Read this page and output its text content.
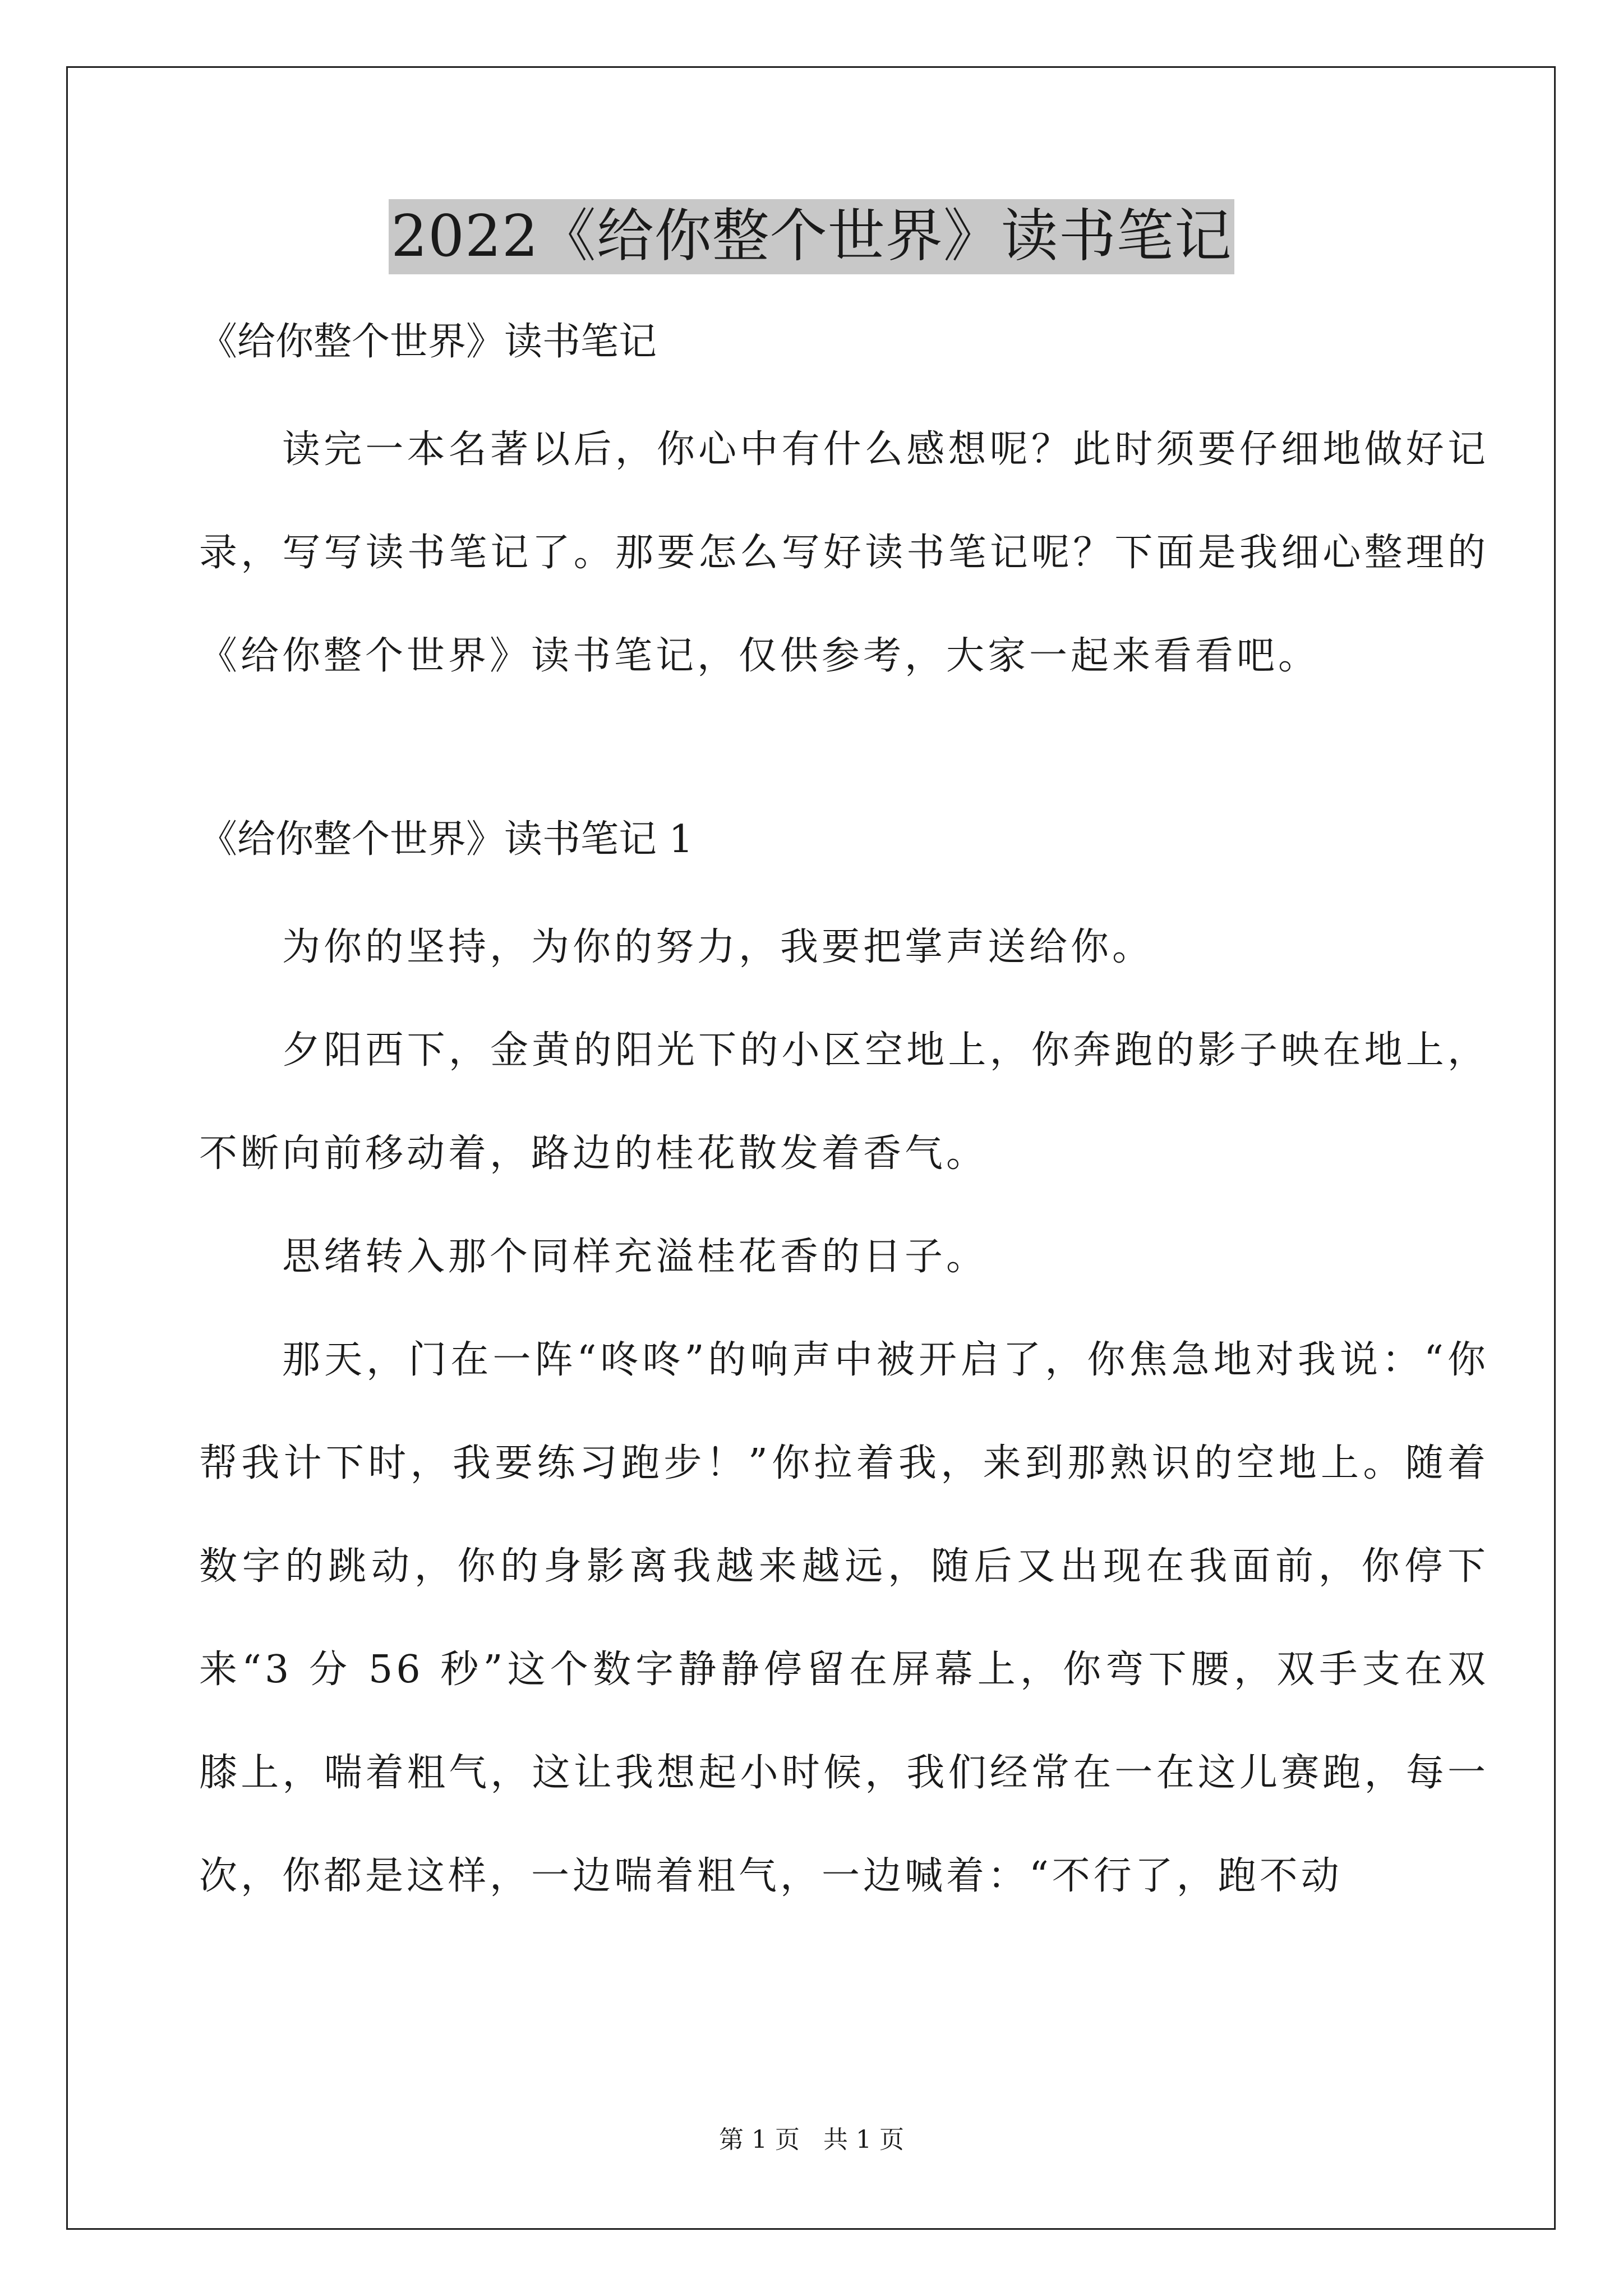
2022《给你整个世界》读书笔记

《给你整个世界》读书笔记

读完一本名著以后，你心中有什么感想呢？此时须要仔细地做好记录，写写读书笔记了。那要怎么写好读书笔记呢？下面是我细心整理的《给你整个世界》读书笔记，仅供参考，大家一起来看看吧。

《给你整个世界》读书笔记 1

为你的坚持，为你的努力，我要把掌声送给你。

夕阳西下，金黄的阳光下的小区空地上，你奔跑的影子映在地上，不断向前移动着，路边的桂花散发着香气。

思绪转入那个同样充溢桂花香的日子。

那天，门在一阵“咚咚”的响声中被开启了，你焦急地对我说：“你帮我计下时，我要练习跑步！”你拉着我，来到那熟识的空地上。随着数字的跳动，你的身影离我越来越远，随后又出现在我面前，你停下来“3 分 56 秒”这个数字静静停留在屏幕上，你弯下腰，双手支在双膝上，喘着粗气，这让我想起小时候，我们经常在一在这儿赛跑，每一次，你都是这样，一边喘着粗气，一边喊着：“不行了，跑不动

第 1 页   共 1 页
